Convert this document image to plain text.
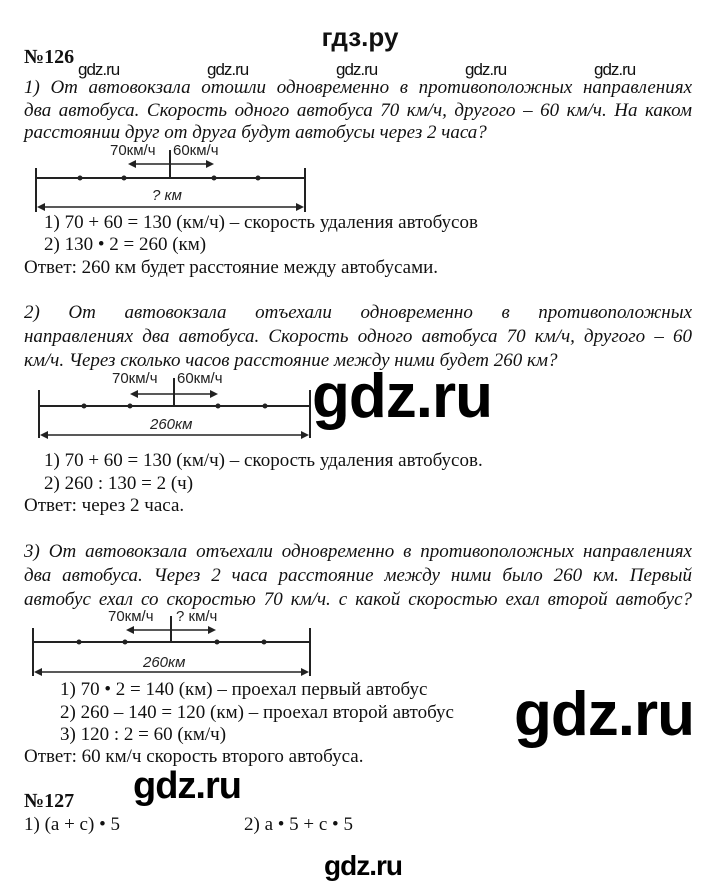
гдз.ру
№126
gdz.ru	gdz.ru	gdz.ru	gdz.ru	gdz.ru
1) От автовокзала отошли одновременно в противоположных направлениях
два автобуса. Скорость одного автобуса 70 км/ч, другого – 60 км/ч. На каком
расстоянии друг от друга будут автобусы через 2 часа?
70км/ч 60км/ч
? км
1) 70 + 60 = 130 (км/ч) – скорость удаления автобусов
2) 130 • 2 = 260 (км)
Ответ: 260 км будет расстояние между автобусами.
2) От автовокзала отъехали одновременно в противоположных
направлениях два автобуса. Скорость одного автобуса 70 км/ч, другого – 60
км/ч. Через сколько часов расстояние между ними будет 260 км?
70км/ч 60км/ч
260км gdz.ru
1) 70 + 60 = 130 (км/ч) – скорость удаления автобусов.
2) 260 : 130 = 2 (ч)
Ответ: через 2 часа.
3) От автовокзала отъехали одновременно в противоположных направлениях
два автобуса. Через 2 часа расстояние между ними было 260 км. Первый
автобус ехал со скоростью 70 км/ч. с какой скоростью ехал второй автобус?
70км/ч ? км/ч
260км
1) 70 • 2 = 140 (км) – проехал первый автобус
2) 260 – 140 = 120 (км) – проехал второй автобус
3) 120 : 2 = 60 (км/ч)
Ответ: 60 км/ч скорость второго автобуса.
gdz.ru
gdz.ru
№127
1) (a + c) • 5	2) a • 5 + c • 5
gdz.ru
